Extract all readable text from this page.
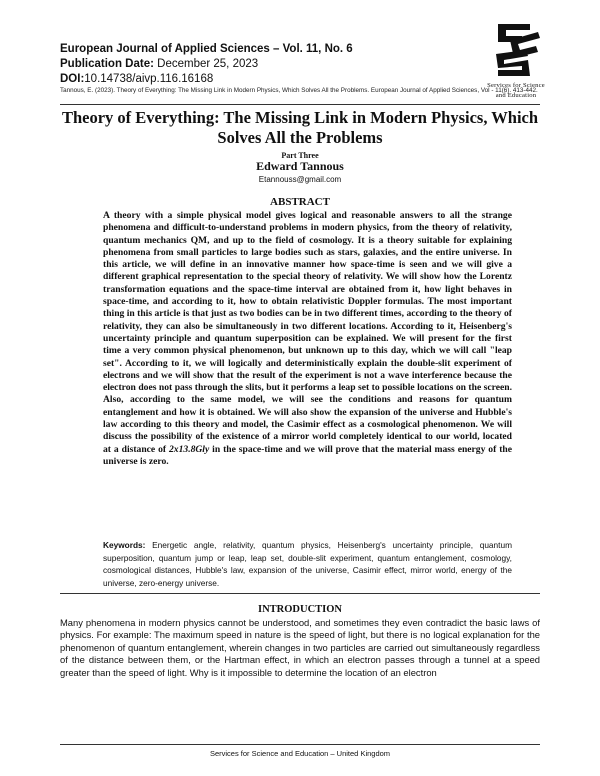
European Journal of Applied Sciences – Vol. 11, No. 6
Publication Date: December 25, 2023
DOI:10.14738/aivp.116.16168
Services for Science
and Education
Tannous, E. (2023). Theory of Everything: The Missing Link in Modern Physics, Which Solves All the Problems. European Journal of Applied Sciences, Vol - 11(6). 413-442.
Theory of Everything: The Missing Link in Modern Physics, Which Solves All the Problems
Part Three
Edward Tannous
Etannouss@gmail.com
ABSTRACT

A theory with a simple physical model gives logical and reasonable answers to all the strange phenomena and difficult-to-understand problems in modern physics, from the theory of relativity, quantum mechanics QM, and up to the field of cosmology. It is a theory suitable for explaining phenomena from small particles to large bodies such as stars, galaxies, and the entire universe. In this article, we will define in an innovative manner how space-time is seen and we will give a different graphical representation to the special theory of relativity. We will show how the Lorentz transformation equations and the space-time interval are obtained from it, how light behaves in space-time, and according to it, how to obtain relativistic Doppler formulas. The most important thing in this article is that just as two bodies can be in two different times, according to the theory of relativity, they can also be simultaneously in two different locations. According to it, Heisenberg's uncertainty principle and quantum superposition can be explained. We will present for the first time a very common physical phenomenon, but unknown up to this day, which we will call "leap set". According to it, we will logically and deterministically explain the double-slit experiment of electrons and we will show that the result of the experiment is not a wave interference because the electron does not pass through the slits, but it performs a leap set to possible locations on the screen. Also, according to the same model, we will see the conditions and reasons for quantum entanglement and how it is obtained. We will also show the expansion of the universe and Hubble's law according to this theory and model, the Casimir effect as a cosmological phenomenon. We will discuss the possibility of the existence of a mirror world completely identical to our world, located at a distance of 2x13.8Gly in the space-time and we will prove that the material mass energy of the universe is zero.

Keywords: Energetic angle, relativity, quantum physics, Heisenberg's uncertainty principle, quantum superposition, quantum jump or leap, leap set, double-slit experiment, quantum entanglement, cosmology, cosmological distances, Hubble's law, expansion of the universe, Casimir effect, mirror world, energy of the universe, zero-energy universe.
INTRODUCTION

Many phenomena in modern physics cannot be understood, and sometimes they even contradict the basic laws of physics. For example: The maximum speed in nature is the speed of light, but there is no logical explanation for the phenomenon of quantum entanglement, wherein changes in two particles are carried out simultaneously regardless of the distance between them, or the Hartman effect, in which an electron passes through a tunnel at a speed greater than the speed of light. Why is it impossible to determine the location of an electron

Services for Science and Education – United Kingdom
